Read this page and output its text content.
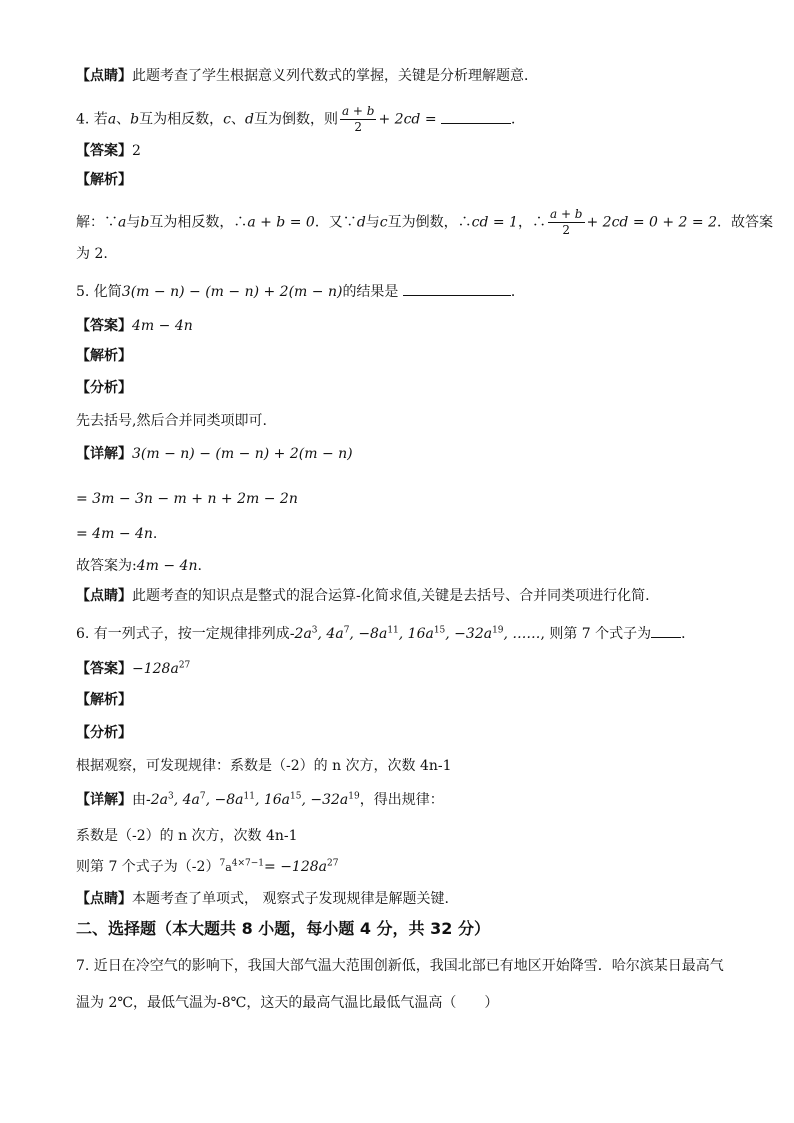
【点睛】此题考查了学生根据意义列代数式的掌握，关键是分析理解题意．
4. 若a、b互为相反数，c、d互为倒数，则 $\frac{a + b}{2} + 2cd$ =	．
【答案】2
【解析】
解：∵a与b互为相反数，∴a + b = 0．又∵d与c互为倒数，∴cd = 1，∴ $\frac{a + b}{2} + 2cd = 0 + 2 = 2$．故答案
为 2.
5. 化简3(m − n) − (m − n) + 2(m − n)的结果是	．
【答案】4m − 4n
【解析】
【分析】
先去括号,然后合并同类项即可.
【详解】3(m − n) − (m − n) + 2(m − n)
= 3m − 3n − m + n + 2m − 2n
= 4m − 4n.
故答案为:4m − 4n.
【点睛】此题考查的知识点是整式的混合运算-化简求值,关键是去括号、合并同类项进行化简.
6. 有一列式子，按一定规律排列成$-2a^3$, $4a^7$, $-8a^{11}$, $16a^{15}$, $-32a^{19}$, ……, 则第 7 个式子为 ．
【答案】$-128a^{27}$
【解析】
【分析】
根据观察，可发现规律：系数是（-2）的 n 次方，次数 4n-1
【详解】由$-2a^3$, $4a^7$, $-8a^{11}$, $16a^{15}$, $-32a^{19}$，得出规律：
系数是（-2）的 n 次方，次数 4n-1
则第 7 个式子为$(-2)^7a^{4\times 7-1}= -128a^{27}$
【点睛】本题考查了单项式， 观察式子发现规律是解题关键.
二、选择题（本大题共 8 小题，每小题 4 分，共 32 分）
7. 近日在冷空气的影响下，我国大部气温大范围创新低，我国北部已有地区开始降雪．哈尔滨某日最高气
温为 2℃，最低气温为-8℃，这天的最高气温比最低气温高（　　）
